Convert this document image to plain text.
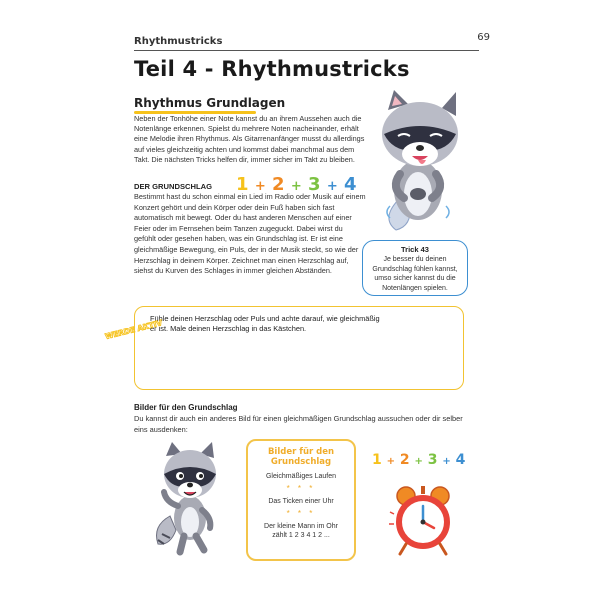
Rhythmustricks	69
Teil 4 - Rhythmustricks
Rhythmus Grundlagen
Neben der Tonhöhe einer Note kannst du an ihrem Aussehen auch die Notenlänge erkennen. Spielst du mehrere Noten nacheinander, erhält eine Melodie ihren Rhythmus. Als Gitarrenanfänger musst du allerdings auf vieles gleichzeitig achten und kommst dabei manchmal aus dem Takt. Die nächsten Tricks helfen dir, immer sicher im Takt zu bleiben.
DER GRUNDSCHLAG
Bestimmt hast du schon einmal ein Lied im Radio oder Musik auf einem Konzert gehört und dein Körper oder dein Fuß haben sich fast automatisch mit bewegt. Oder du hast anderen Menschen auf einer Feier oder im Fernsehen beim Tanzen zugeguckt. Dabei wirst du gefühlt oder gesehen haben, was ein Grundschlag ist. Er ist eine gleichmäßige Bewegung, ein Puls, der in der Musik steckt, so wie der Herzschlag in deinem Körper. Zeichnet man einen Herzschlag auf, siehst du Kurven des Schlages in immer gleichen Abständen.
1 + 2 + 3 + 4
Trick 43
Je besser du deinen Grundschlag fühlen kannst, umso sicher kannst du die Notenlängen spielen.
Fühle deinen Herzschlag oder Puls und achte darauf, wie gleichmäßig er ist. Male deinen Herzschlag in das Kästchen.
WERDE AKTIV
Bilder für den Grundschlag
Du kannst dir auch ein anderes Bild für einen gleichmäßigen Grundschlag aussuchen oder dir selber eins ausdenken:
Bilder für den Grundschlag
Gleichmäßiges Laufen
* * *
Das Ticken einer Uhr
* * *
Der kleine Mann im Ohr zählt 1 2 3 4 1 2 ...
1 + 2 + 3 + 4
